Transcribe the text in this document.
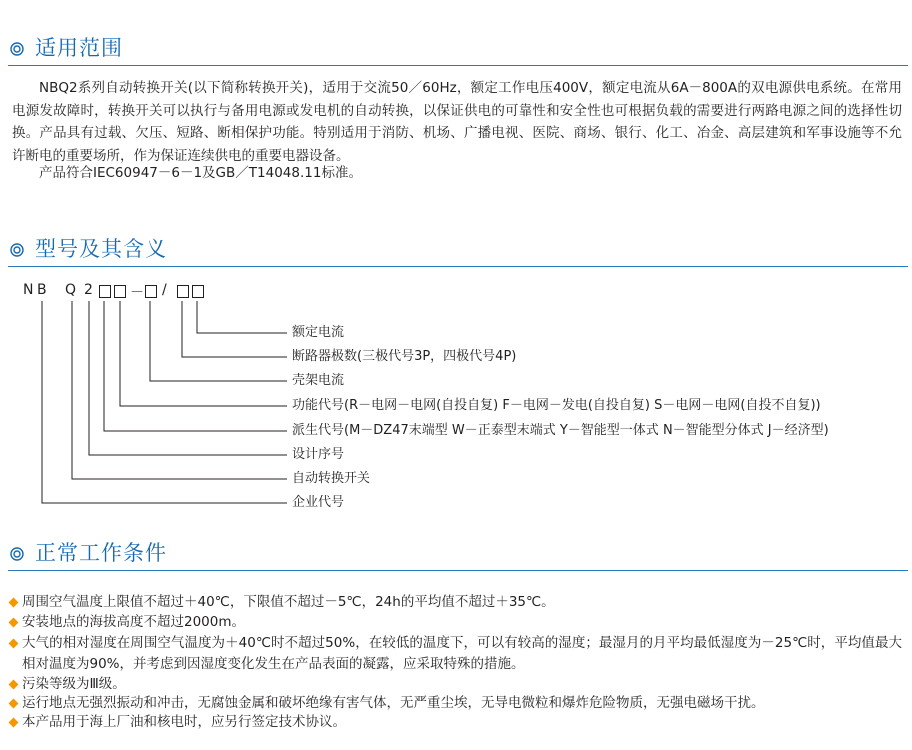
适用范围

NBQ2系列自动转换开关(以下简称转换开关)，适用于交流50／60Hz，额定工作电压400V，额定电流从6A－800A的双电源供电系统。在常用电源发故障时，转换开关可以执行与备用电源或发电机的自动转换，以保证供电的可靠性和安全性也可根据负载的需要进行两路电源之间的选择性切换。产品具有过载、欠压、短路、断相保护功能。特别适用于消防、机场、广播电视、医院、商场、银行、化工、冶金、高层建筑和军事设施等不允许断电的重要场所，作为保证连续供电的重要电器设备。

产品符合IEC60947－6－1及GB／T14048.11标准。

型号及其含义
N B Q 2	－ /
额定电流
断路器极数(三极代号3P，四极代号4P)
壳架电流
功能代号(R－电网－电网(自投自复) F－电网－发电(自投自复) S－电网－电网(自投不自复))
派生代号(M－DZ47末端型 W－正泰型末端式 Y－智能型一体式 N－智能型分体式 J－经济型)
设计序号
自动转换开关
企业代号
正常工作条件
周围空气温度上限值不超过＋40℃，下限值不超过－5℃，24h的平均值不超过＋35℃。
安装地点的海拔高度不超过2000m。
大气的相对湿度在周围空气温度为＋40℃时不超过50%，在较低的温度下，可以有较高的湿度；最湿月的月平均最低湿度为－25℃时，平均值最大相对温度为90%，并考虑到因湿度变化发生在产品表面的凝露，应采取特殊的措施。
污染等级为Ⅲ级。
运行地点无强烈振动和冲击，无腐蚀金属和破坏绝缘有害气体，无严重尘埃，无导电微粒和爆炸危险物质，无强电磁场干扰。
本产品用于海上厂油和核电时，应另行签定技术协议。
